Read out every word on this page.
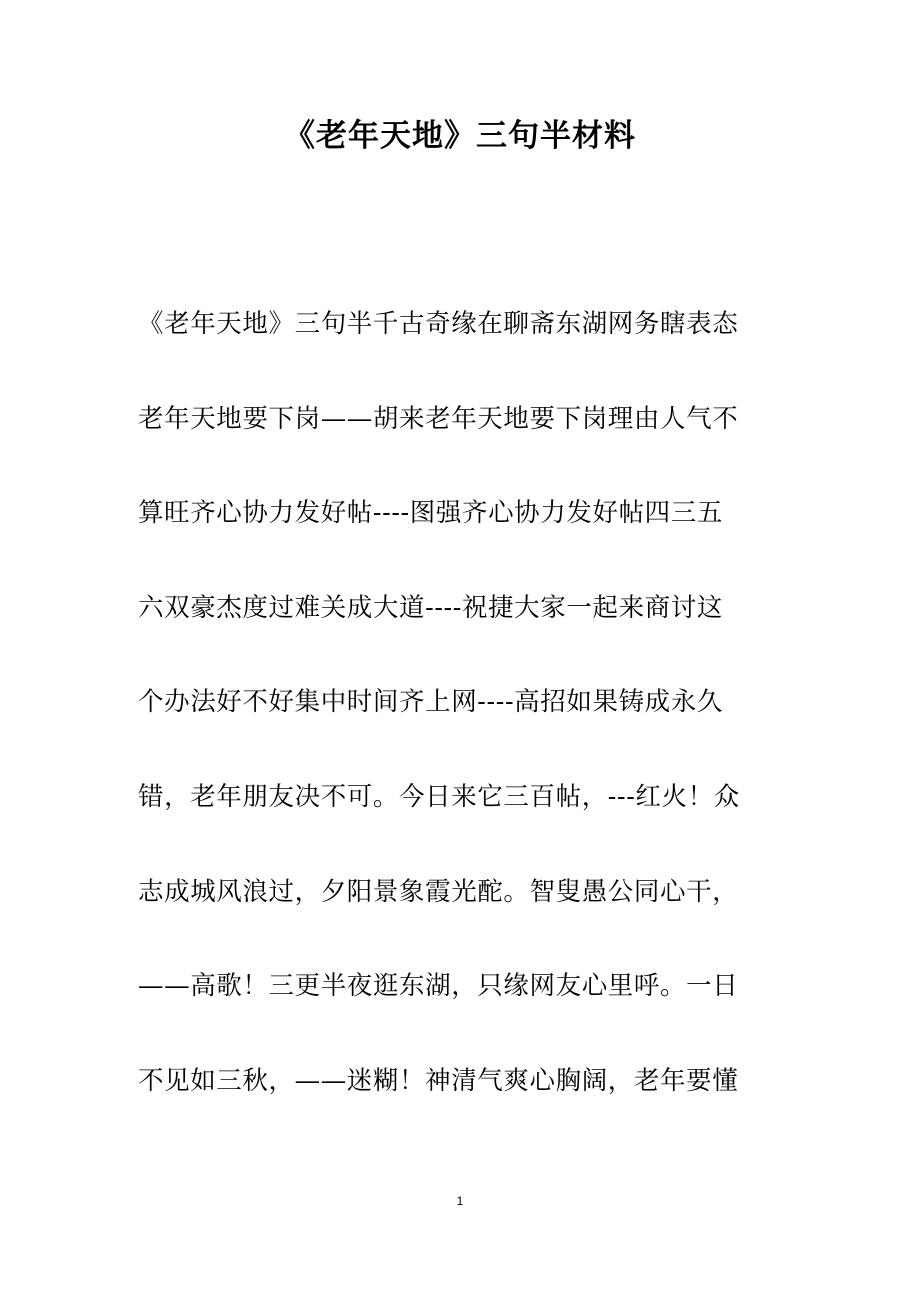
《老年天地》三句半材料
《老年天地》三句半千古奇缘在聊斋东湖网务瞎表态
老年天地要下岗——胡来老年天地要下岗理由人气不
算旺齐心协力发好帖----图强齐心协力发好帖四三五
六双豪杰度过难关成大道----祝捷大家一起来商讨这
个办法好不好集中时间齐上网----高招如果铸成永久
错，老年朋友决不可。今日来它三百帖，---红火！众
志成城风浪过，夕阳景象霞光酡。智叟愚公同心干，
——高歌！三更半夜逛东湖，只缘网友心里呼。一日
不见如三秋，——迷糊！神清气爽心胸阔，老年要懂
1
